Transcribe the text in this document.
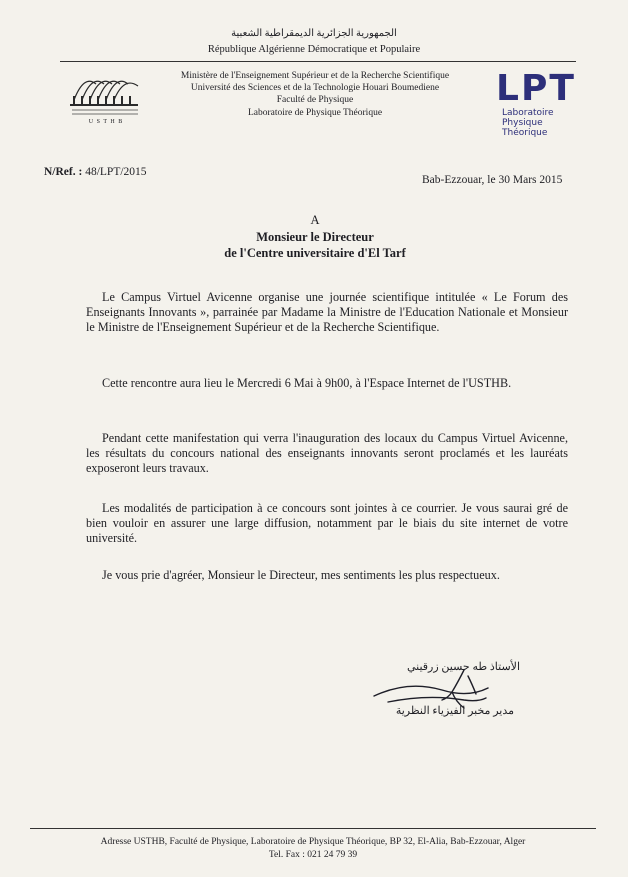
الجمهورية الجزائرية الديمقراطية الشعبية
République Algérienne Démocratique et Populaire
U S T H B
Ministère de l'Enseignement Supérieur et de la Recherche Scientifique
Université des Sciences et de la Technologie Houari Boumediene
Faculté de Physique
Laboratoire de Physique Théorique
LPT
Laboratoire
Physique
Théorique
N/Ref. : 48/LPT/2015
Bab-Ezzouar, le 30 Mars 2015
A
Monsieur le Directeur
de l'Centre universitaire d'El Tarf
Le Campus Virtuel Avicenne organise une journée scientifique intitulée « Le Forum des Enseignants Innovants », parrainée par Madame la Ministre de l'Education Nationale et Monsieur le Ministre de l'Enseignement Supérieur et de la Recherche Scientifique.
Cette rencontre aura lieu le Mercredi 6 Mai à 9h00, à l'Espace Internet de l'USTHB.
Pendant cette manifestation qui verra l'inauguration des locaux du Campus Virtuel Avicenne, les résultats du concours national des enseignants innovants seront proclamés et les lauréats exposeront leurs travaux.
Les modalités de participation à ce concours sont jointes à ce courrier. Je vous saurai gré de bien vouloir en assurer une large diffusion, notamment par le biais du site internet de votre université.
Je vous prie d'agréer, Monsieur le Directeur, mes sentiments les plus respectueux.
الأستاذ طه حسين زرقيني
مدير مخبر الفيزياء النظرية
Adresse USTHB, Faculté de Physique, Laboratoire de Physique Théorique, BP 32, El-Alia, Bab-Ezzouar, Alger
Tel. Fax : 021 24 79 39
